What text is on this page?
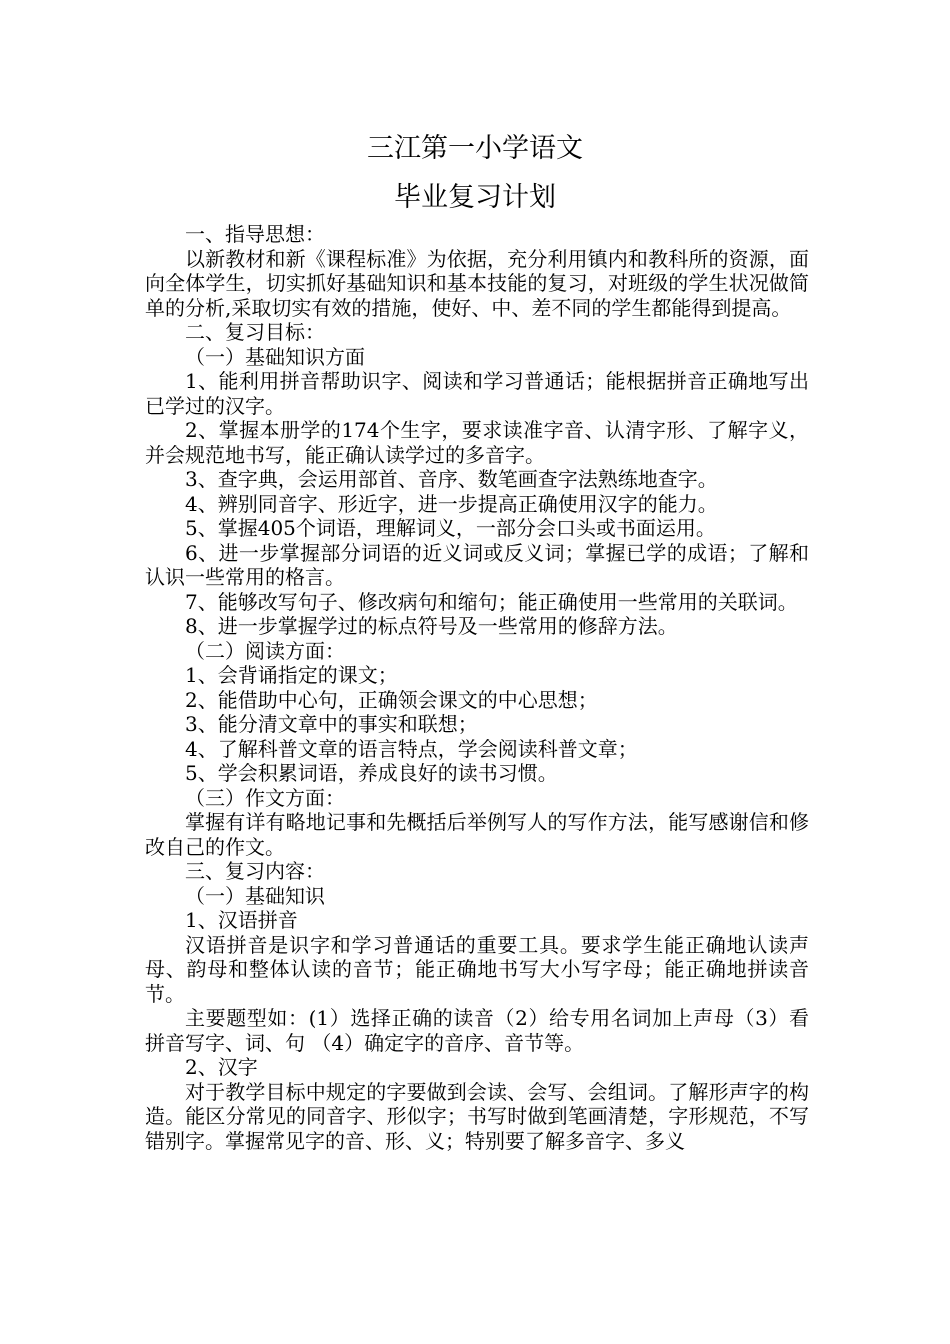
三江第一小学语文
毕业复习计划

一、指导思想：

以新教材和新《课程标准》为依据，充分利用镇内和教科所的资源，面向全体学生，切实抓好基础知识和基本技能的复习，对班级的学生状况做简单的分析,采取切实有效的措施，使好、中、差不同的学生都能得到提高。

二、复习目标：

（一）基础知识方面

1、能利用拼音帮助识字、阅读和学习普通话；能根据拼音正确地写出已学过的汉字。

2、掌握本册学的174个生字，要求读准字音、认清字形、了解字义，并会规范地书写，能正确认读学过的多音字。

3、查字典，会运用部首、音序、数笔画查字法熟练地查字。

4、辨别同音字、形近字，进一步提高正确使用汉字的能力。

5、掌握405个词语，理解词义，一部分会口头或书面运用。

6、进一步掌握部分词语的近义词或反义词；掌握已学的成语；了解和认识一些常用的格言。

7、能够改写句子、修改病句和缩句；能正确使用一些常用的关联词。

8、进一步掌握学过的标点符号及一些常用的修辞方法。

（二）阅读方面：

1、会背诵指定的课文；

2、能借助中心句，正确领会课文的中心思想；

3、能分清文章中的事实和联想；

4、了解科普文章的语言特点，学会阅读科普文章；

5、学会积累词语，养成良好的读书习惯。

（三）作文方面：

掌握有详有略地记事和先概括后举例写人的写作方法，能写感谢信和修改自己的作文。

三、复习内容：

（一）基础知识

1、汉语拼音

汉语拼音是识字和学习普通话的重要工具。要求学生能正确地认读声母、韵母和整体认读的音节；能正确地书写大小写字母；能正确地拼读音节。

主要题型如：(1）选择正确的读音（2）给专用名词加上声母（3）看拼音写字、词、句 （4）确定字的音序、音节等。

2、汉字

对于教学目标中规定的字要做到会读、会写、会组词。了解形声字的构造。能区分常见的同音字、形似字；书写时做到笔画清楚，字形规范，不写错别字。掌握常见字的音、形、义；特别要了解多音字、多义
